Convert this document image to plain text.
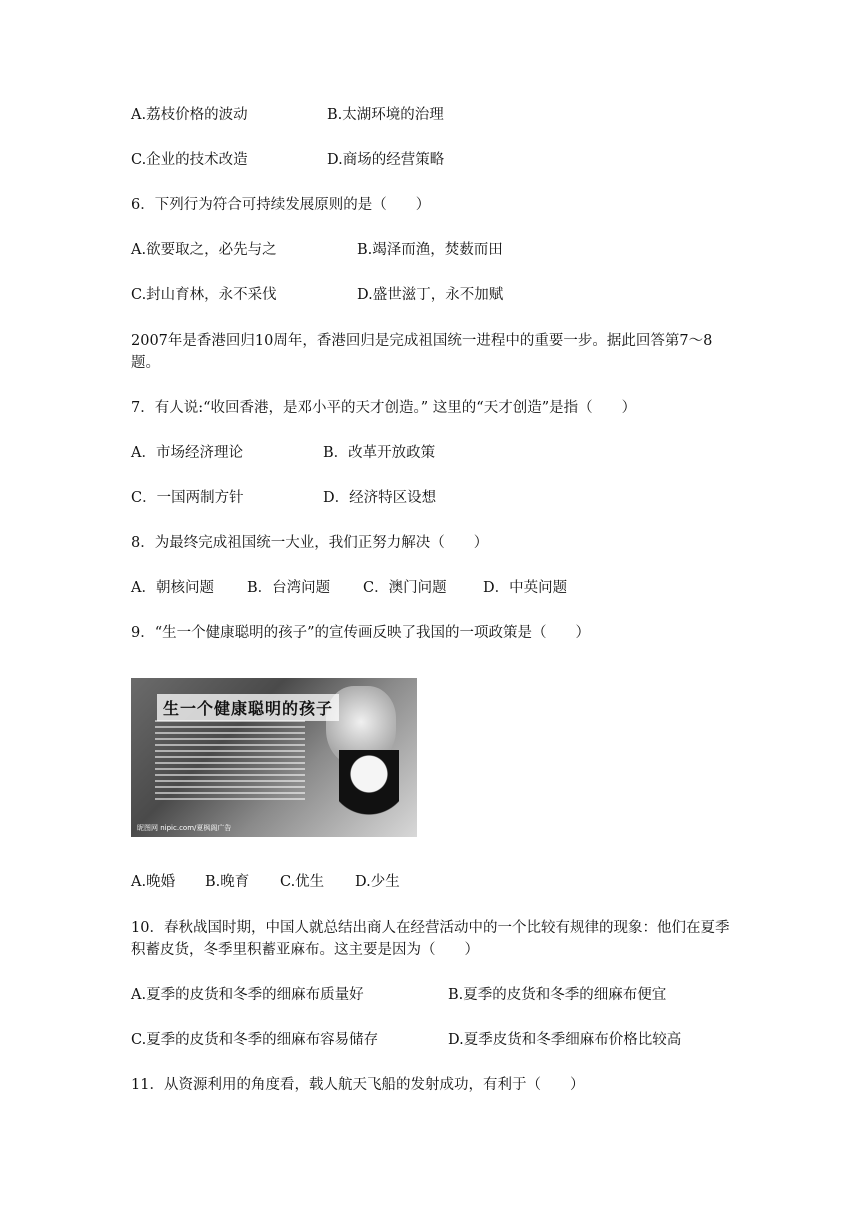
A.荔枝价格的波动	B.太湖环境的治理
C.企业的技术改造	D.商场的经营策略
6．下列行为符合可持续发展原则的是（　　）
A.欲要取之，必先与之	B.竭泽而渔，焚薮而田
C.封山育林，永不采伐	D.盛世滋丁，永不加赋
2007年是香港回归10周年，香港回归是完成祖国统一进程中的重要一步。据此回答第7～8题。
7．有人说:“收回香港，是邓小平的天才创造。” 这里的“天才创造”是指（　　）
A．市场经济理论	B．改革开放政策
C．一国两制方针	D．经济特区设想
8．为最终完成祖国统一大业，我们正努力解决（　　）
A．朝核问题 B．台湾问题 C．澳门问题	D．中英问题
9．“生一个健康聪明的孩子”的宣传画反映了我国的一项政策是（　　）
生一个健康聪明的孩子
昵图网 nipic.com/夏枫阁广告
A.晚婚 B.晚育 C.优生 D.少生
10．春秋战国时期，中国人就总结出商人在经营活动中的一个比较有规律的现象：他们在夏季积蓄皮货，冬季里积蓄亚麻布。这主要是因为（　　）
A.夏季的皮货和冬季的细麻布质量好	B.夏季的皮货和冬季的细麻布便宜
C.夏季的皮货和冬季的细麻布容易储存	D.夏季皮货和冬季细麻布价格比较高
11．从资源利用的角度看，载人航天飞船的发射成功，有利于（　　）
